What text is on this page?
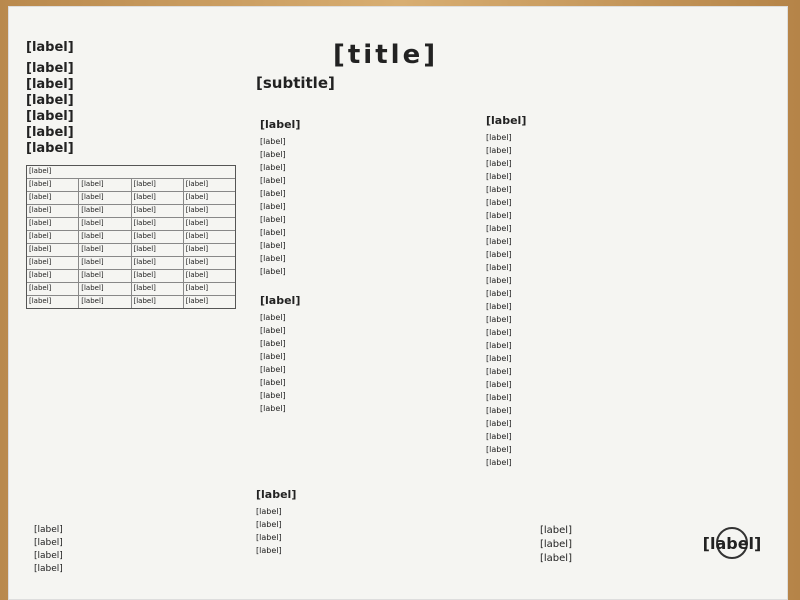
[title]
[subtitle]
[label]
[label]
[label]
[label]
[label]
[label]
[label]
[label]
[label]	[label]	[label]	[label]
[label]	[label]	[label]	[label]
[label]	[label]	[label]	[label]
[label]	[label]	[label]	[label]
[label]	[label]	[label]	[label]
[label]	[label]	[label]	[label]
[label]	[label]	[label]	[label]
[label]	[label]	[label]	[label]
[label]	[label]	[label]	[label]
[label]	[label]	[label]	[label]
[label]
[label]
[label]
[label]
[label]
[label]
[label]
[label]
[label]
[label]
[label]
[label]
[label]
[label]
[label]
[label]
[label]
[label]
[label]
[label]
[label]
[label]
[label]
[label]
[label]
[label]
[label]
[label]
[label]
[label]
[label]
[label]
[label]
[label]
[label]
[label]
[label]
[label]
[label]
[label]
[label]
[label]
[label]
[label]
[label]
[label]
[label]
[label]
[label]
[label]
[label]
[label]
[label]
[label]
[label]
[label]
[label]
[label]
[label]
[label]
[label]
